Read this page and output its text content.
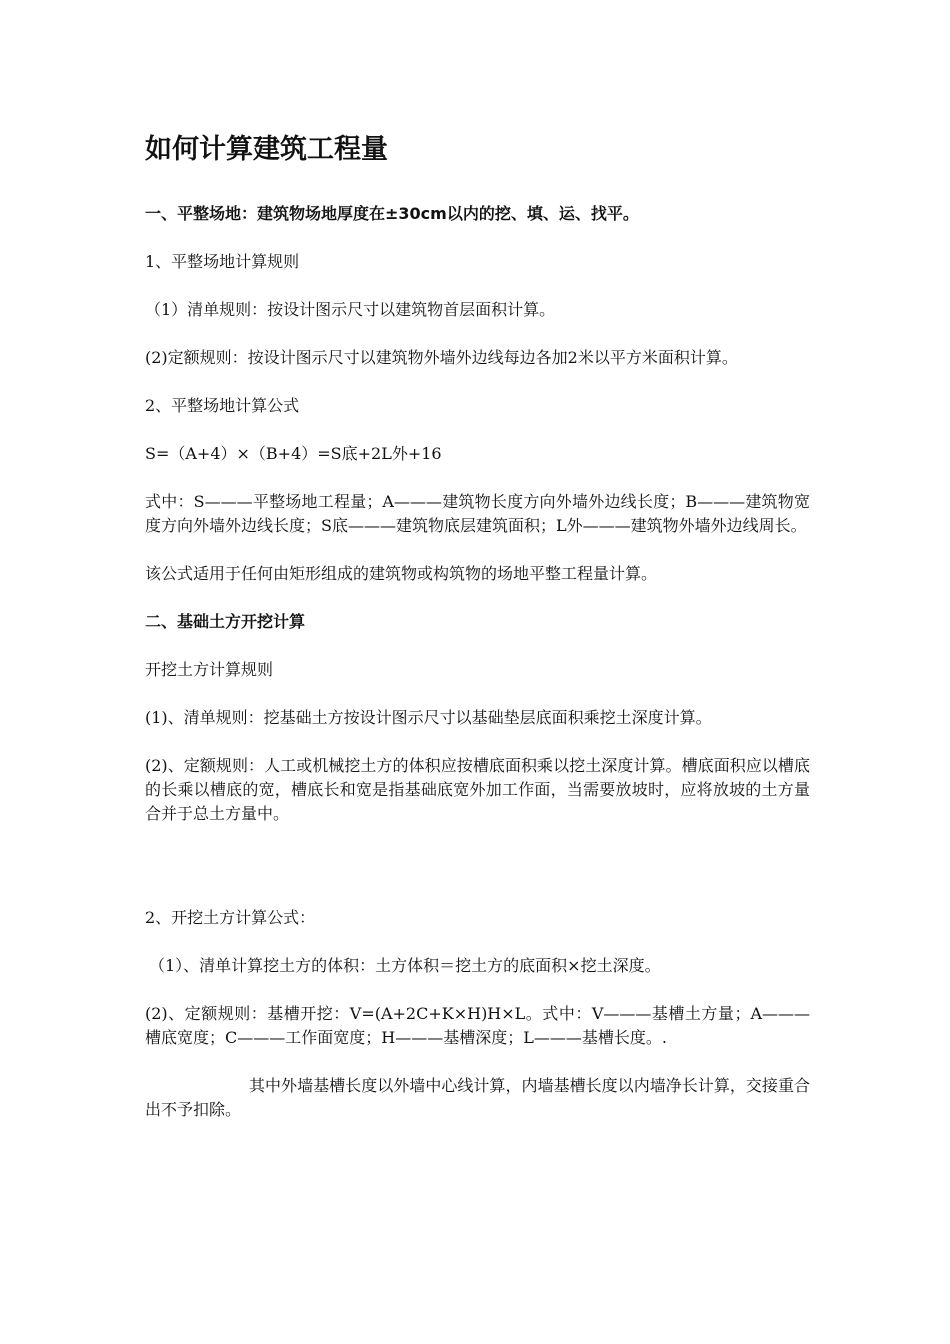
如何计算建筑工程量
一、平整场地：建筑物场地厚度在±30cm以内的挖、填、运、找平。

1、平整场地计算规则

（1）清单规则：按设计图示尺寸以建筑物首层面积计算。

(2)定额规则：按设计图示尺寸以建筑物外墙外边线每边各加2米以平方米面积计算。

2、平整场地计算公式

S=（A+4）×（B+4）=S底+2L外+16

式中：S———平整场地工程量；A———建筑物长度方向外墙外边线长度；B———建筑物宽度方向外墙外边线长度；S底———建筑物底层建筑面积；L外———建筑物外墙外边线周长。

该公式适用于任何由矩形组成的建筑物或构筑物的场地平整工程量计算。

二、基础土方开挖计算

开挖土方计算规则

(1)、清单规则：挖基础土方按设计图示尺寸以基础垫层底面积乘挖土深度计算。

(2)、定额规则：人工或机械挖土方的体积应按槽底面积乘以挖土深度计算。槽底面积应以槽底的长乘以槽底的宽，槽底长和宽是指基础底宽外加工作面，当需要放坡时，应将放坡的土方量合并于总土方量中。

2、开挖土方计算公式：

（1）、清单计算挖土方的体积：土方体积＝挖土方的底面积×挖土深度。

(2)、定额规则：基槽开挖：V=(A+2C+K×H)H×L。式中：V———基槽土方量；A———槽底宽度；C———工作面宽度；H———基槽深度；L———基槽长度。.

其中外墙基槽长度以外墙中心线计算，内墙基槽长度以内墙净长计算，交接重合出不予扣除。
